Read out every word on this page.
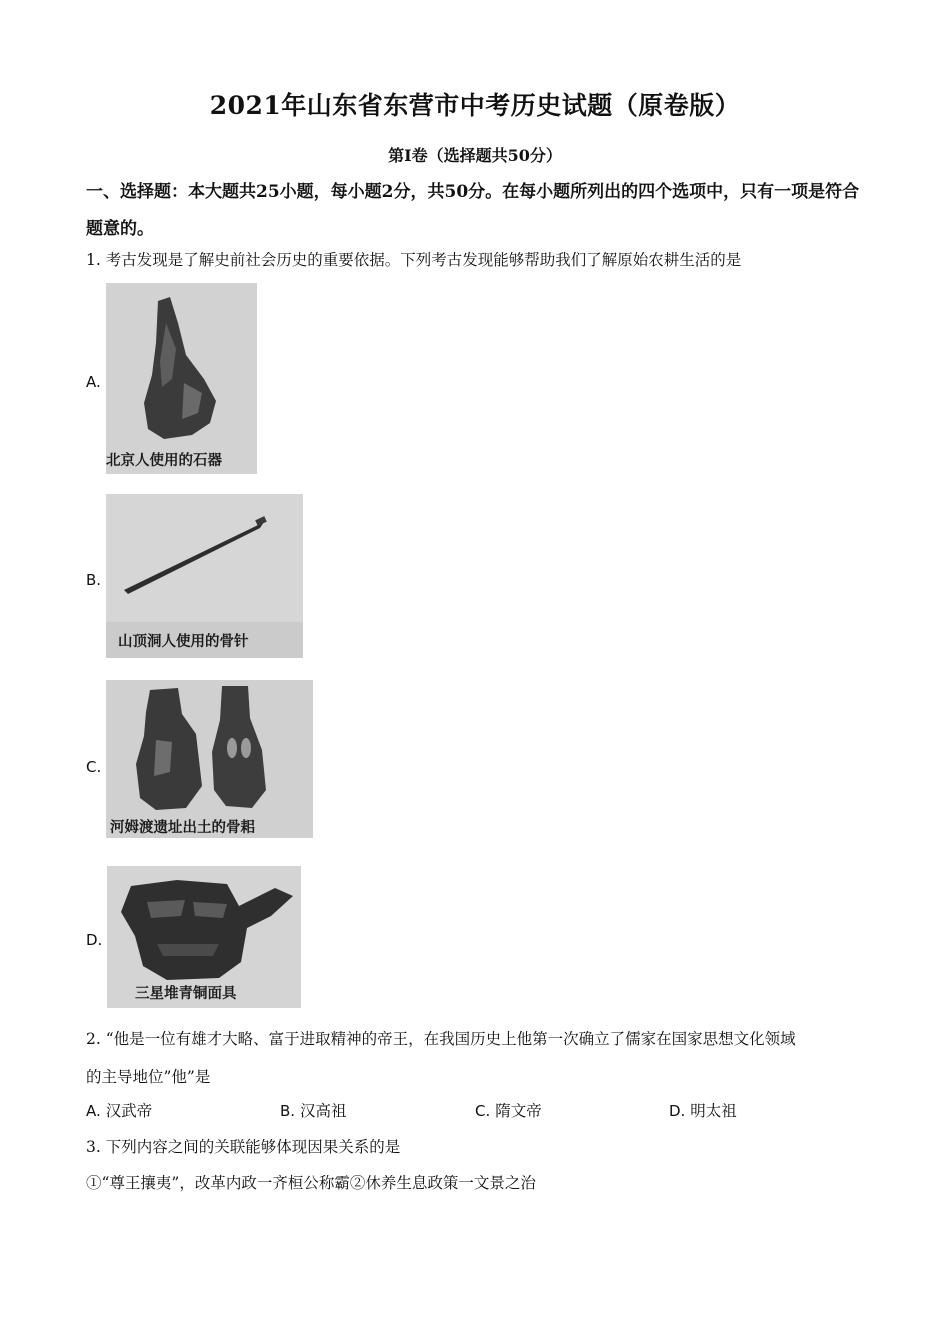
2021年山东省东营市中考历史试题（原卷版）
第Ⅰ卷（选择题共50分）
一、选择题：本大题共25小题，每小题2分，共50分。在每小题所列出的四个选项中，只有一项是符合题意的。
1. 考古发现是了解史前社会历史的重要依据。下列考古发现能够帮助我们了解原始农耕生活的是
A.
北京人使用的石器
B.
山顶洞人使用的骨针
C.
河姆渡遗址出土的骨耜
D.
三星堆青铜面具
2. “他是一位有雄才大略、富于进取精神的帝王，在我国历史上他第一次确立了儒家在国家思想文化领域
的主导地位”他”是
A. 汉武帝	B. 汉高祖	C. 隋文帝	D. 明太祖
3. 下列内容之间的关联能够体现因果关系的是
①“尊王攘夷”，改革内政一齐桓公称霸②休养生息政策一文景之治
